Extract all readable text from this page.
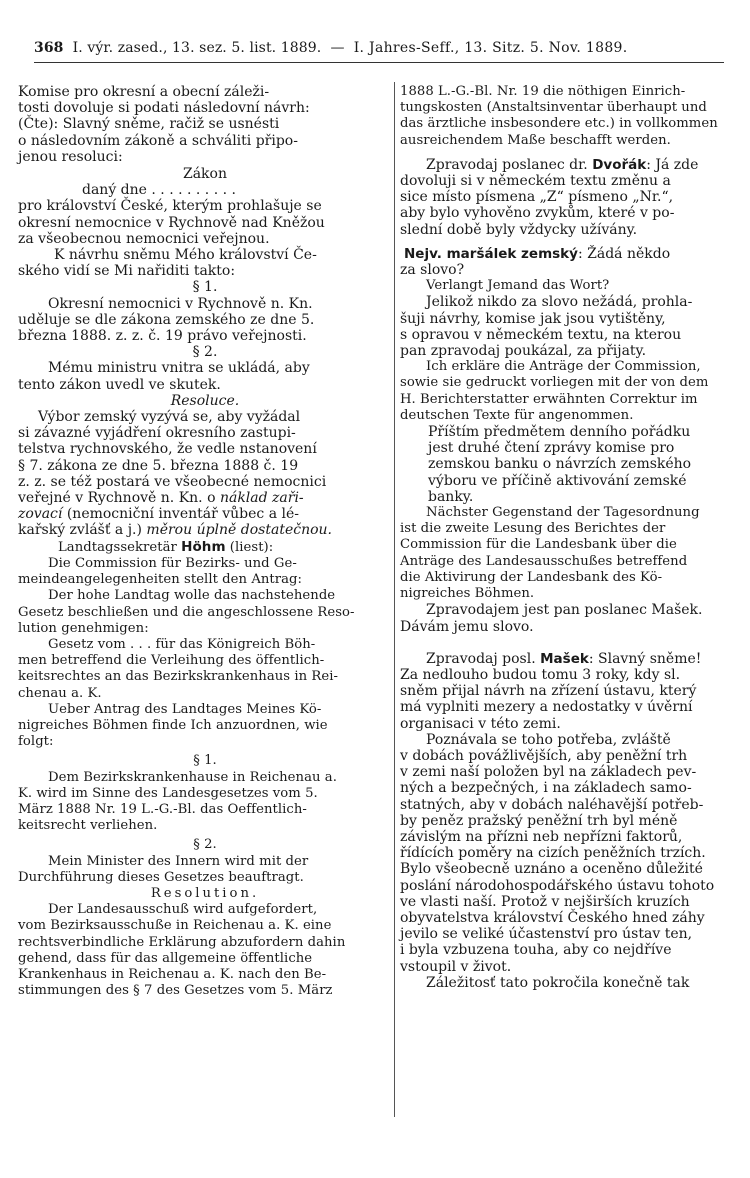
368 I. výr. zased., 13. sez. 5. list. 1889. — I. Jahres-Seff., 13. Sitz. 5. Nov. 1889.

Komise pro okresní a obecní záleži-
tosti dovoluje si podati následovní návrh:
(Čte): Slavný sněme, račiž se usnésti
o následovním zákoně a schváliti připo-
jenou resoluci:

Zákon

daný dne . . . . . . . . . .

pro království České, kterým prohlašuje se
okresní nemocnice v Rychnově nad Kněžou
za všeobecnou nemocnici veřejnou.

K návrhu sněmu Mého království Če-
ského vidí se Mi nařiditi takto:

§ 1.

Okresní nemocnici v Rychnově n. Kn.
uděluje se dle zákona zemského ze dne 5.
března 1888. z. z. č. 19 právo veřejnosti.

§ 2.

Mému ministru vnitra se ukládá, aby
tento zákon uvedl ve skutek.

Resoluce.

Výbor zemský vyzývá se, aby vyžádal
si závazné vyjádření okresního zastupi-
telstva rychnovského, že vedle nstanovení
§ 7. zákona ze dne 5. března 1888 č. 19
z. z. se též postará ve všeobecné nemocnici
veřejné v Rychnově n. Kn. o náklad zaři-
zovací (nemocniční inventář vůbec a lé-
kařský zvlášť a j.) měrou úplně dostatečnou.

Landtagssekretär Höhm (liest):

Die Commission für Bezirks- und Ge-
meindeangelegenheiten stellt den Antrag:

Der hohe Landtag wolle das nachstehende
Gesetz beschließen und die angeschlossene Reso-
lution genehmigen:

Gesetz vom . . . für das Königreich Böh-
men betreffend die Verleihung des öffentlich-
keitsrechtes an das Bezirkskrankenhaus in Rei-
chenau a. K.

Ueber Antrag des Landtages Meines Kö-
nigreiches Böhmen finde Ich anzuordnen, wie
folgt:

§ 1.

Dem Bezirkskrankenhause in Reichenau a.
K. wird im Sinne des Landesgesetzes vom 5.
März 1888 Nr. 19 L.-G.-Bl. das Oeffentlich-
keitsrecht verliehen.

§ 2.

Mein Minister des Innern wird mit der
Durchführung dieses Gesetzes beauftragt.

Resolution.

Der Landesausschuß wird aufgefordert,
vom Bezirksausschuße in Reichenau a. K. eine
rechtsverbindliche Erklärung abzufordern dahin
gehend, dass für das allgemeine öffentliche
Krankenhaus in Reichenau a. K. nach den Be-
stimmungen des § 7 des Gesetzes vom 5. März

1888 L.-G.-Bl. Nr. 19 die nöthigen Einrich-
tungskosten (Anstaltsinventar überhaupt und
das ärztliche insbesondere etc.) in vollkommen
ausreichendem Maße beschafft werden.

Zpravodaj poslanec dr. Dvořák: Já zde
dovoluji si v německém textu změnu a
sice místo písmena „Z“ písmeno „Nr.“,
aby bylo vyhověno zvykům, které v po-
slední době byly vždycky užívány.

Nejv. maršálek zemský: Žádá někdo
za slovo?

Verlangt Jemand das Wort?

Jelikož nikdo za slovo nežádá, prohla-
šuji návrhy, komise jak jsou vytištěny,
s opravou v německém textu, na kterou
pan zpravodaj poukázal, za přijaty.

Ich erkläre die Anträge der Commission,
sowie sie gedruckt vorliegen mit der von dem
H. Berichterstatter erwähnten Correktur im
deutschen Texte für angenommen.

Příštím předmětem denního pořádku
jest druhé čtení zprávy komise pro
zemskou banku o návrzích zemského
výboru ve příčině aktivování zemské
banky.

Nächster Gegenstand der Tagesordnung
ist die zweite Lesung des Berichtes der
Commission für die Landesbank über die
Anträge des Landesausschußes betreffend
die Aktivirung der Landesbank des Kö-
nigreiches Böhmen.

Zpravodajem jest pan poslanec Mašek.
Dávám jemu slovo.

Zpravodaj posl. Mašek: Slavný sněme!
Za nedlouho budou tomu 3 roky, kdy sl.
sněm přijal návrh na zřízení ústavu, který
má vyplniti mezery a nedostatky v úvěrní
organisaci v této zemi.

Poznávala se toho potřeba, zvláště
v dobách povážlivějších, aby peněžní trh
v zemi naší položen byl na základech pev-
ných a bezpečných, i na základech samo-
statných, aby v dobách naléhavější potřeb-
by peněz pražský peněžní trh byl méně
závislým na přízni neb nepřízni faktorů,
řídících poměry na cizích peněžních trzích.
Bylo všeobecně uznáno a oceněno důležité
poslání národohospodářského ústavu tohoto
ve vlasti naší. Protož v nejširších kruzích
obyvatelstva království Českého hned záhy
jevilo se veliké účastenství pro ústav ten,
i byla vzbuzena touha, aby co nejdříve
vstoupil v život.

Záležitosť tato pokročila konečně tak
